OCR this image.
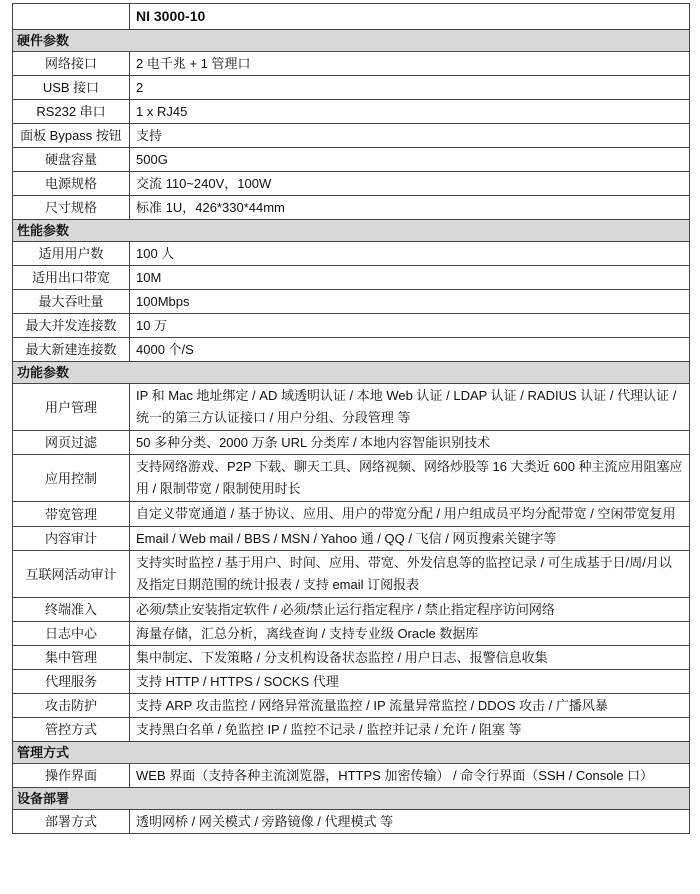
	NI 3000-10
硬件参数	
网络接口	2 电千兆 + 1 管理口
USB 接口	2
RS232 串口	1 x RJ45
面板 Bypass 按钮	支持
硬盘容量	500G
电源规格	交流 110~240V，100W
尺寸规格	标准 1U，426*330*44mm
性能参数	
适用用户数	100 人
适用出口带宽	10M
最大吞吐量	100Mbps
最大并发连接数	10 万
最大新建连接数	4000 个/S
功能参数	
用户管理	IP 和 Mac 地址绑定 / AD 域透明认证 / 本地 Web 认证 / LDAP 认证 / RADIUS 认证 / 代理认证 / 统一的第三方认证接口 / 用户分组、分段管理 等
网页过滤	50 多种分类、2000 万条 URL 分类库 / 本地内容智能识别技术
应用控制	支持网络游戏、P2P 下载、聊天工具、网络视频、网络炒股等 16 大类近 600 种主流应用阻塞应用 / 限制带宽 / 限制使用时长
带宽管理	自定义带宽通道 / 基于协议、应用、用户的带宽分配 / 用户组成员平均分配带宽 / 空闲带宽复用
内容审计	Email / Web mail / BBS / MSN / Yahoo 通 / QQ / 飞信 / 网页搜索关键字等
互联网活动审计	支持实时监控 / 基于用户、时间、应用、带宽、外发信息等的监控记录 / 可生成基于日/周/月以及指定日期范围的统计报表 / 支持 email 订阅报表
终端准入	必须/禁止安装指定软件 / 必须/禁止运行指定程序 / 禁止指定程序访问网络
日志中心	海量存储，汇总分析，离线查询 / 支持专业级 Oracle 数据库
集中管理	集中制定、下发策略 / 分支机构设备状态监控 / 用户日志、报警信息收集
代理服务	支持 HTTP / HTTPS / SOCKS 代理
攻击防护	支持 ARP 攻击监控 / 网络异常流量监控 / IP 流量异常监控 / DDOS 攻击 / 广播风暴
管控方式	支持黑白名单 / 免监控 IP / 监控不记录 / 监控并记录 / 允许 / 阻塞 等
管理方式	
操作界面	WEB 界面（支持各种主流浏览器，HTTPS 加密传输） / 命令行界面（SSH / Console 口）
设备部署	
部署方式	透明网桥 / 网关模式 / 旁路镜像 / 代理模式 等
